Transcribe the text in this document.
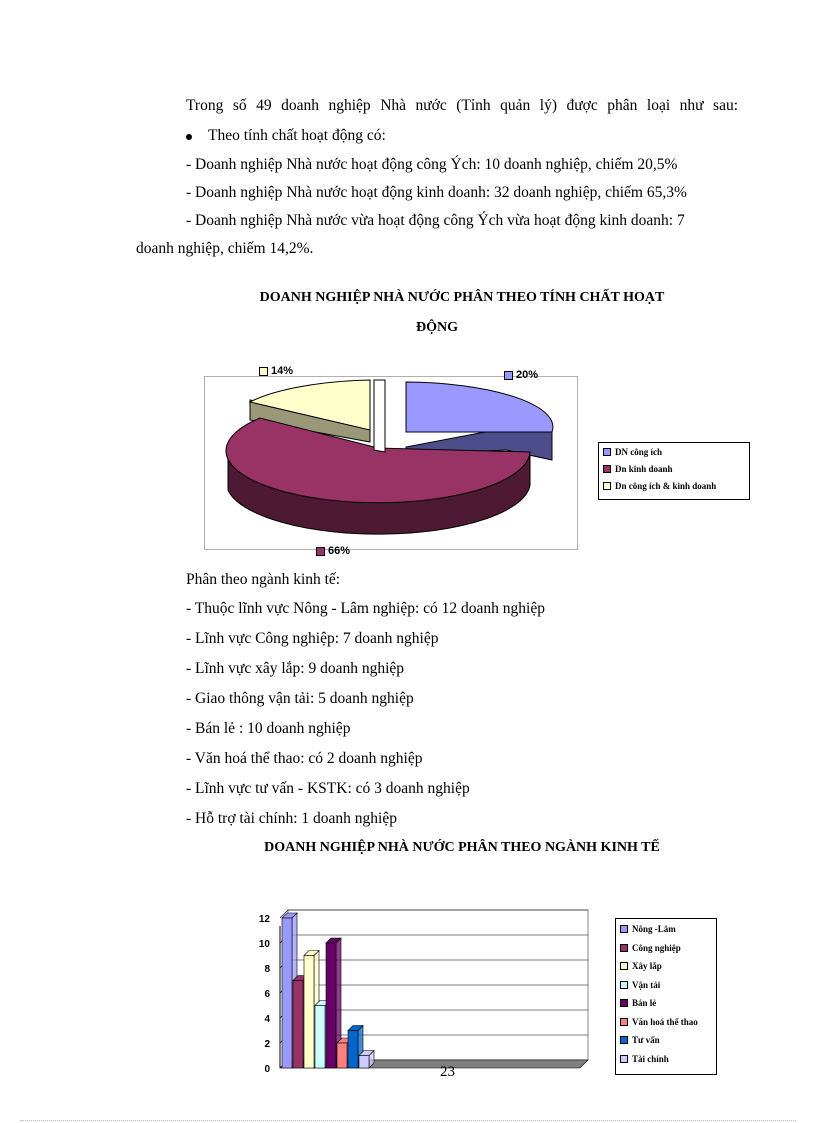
Trong số 49 doanh nghiệp Nhà nước (Tỉnh quản lý) được phân loại như sau:
Theo tính chất hoạt động có:
- Doanh nghiệp Nhà nước hoạt động công Ých: 10 doanh nghiệp, chiếm 20,5%
- Doanh nghiệp Nhà nước hoạt động kinh doanh: 32 doanh nghiệp, chiếm 65,3%
- Doanh nghiệp Nhà nước vừa hoạt động công Ých vừa hoạt động kinh doanh: 7
doanh nghiệp, chiếm 14,2%.
DOANH NGHIỆP NHÀ NƯỚC PHÂN THEO TÍNH CHẤT HOẠT
ĐỘNG
14%	20%
66%
DN công ích
Dn kinh doanh
Dn công ích & kinh doanh
Phân theo ngành kinh tế:
- Thuộc lĩnh vực Nông - Lâm nghiệp: có 12 doanh nghiệp
- Lĩnh vực Công nghiệp: 7 doanh nghiệp
- Lĩnh vực xây lắp: 9 doanh nghiệp
- Giao thông vận tải: 5 doanh nghiệp
- Bán lẻ : 10 doanh nghiệp
- Văn hoá thể thao: có 2 doanh nghiệp
- Lĩnh vực tư vấn - KSTK: có 3 doanh nghiệp
- Hỗ trợ tài chính: 1 doanh nghiệp
DOANH NGHIỆP NHÀ NƯỚC PHÂN THEO NGÀNH KINH TẾ
0
2
4
6
8
10
12
23
Nông -Lâm
Công nghiệp
Xây lắp
Vận tải
Bán lẻ
Văn hoá thể thao
Tư vấn
Tài chính
